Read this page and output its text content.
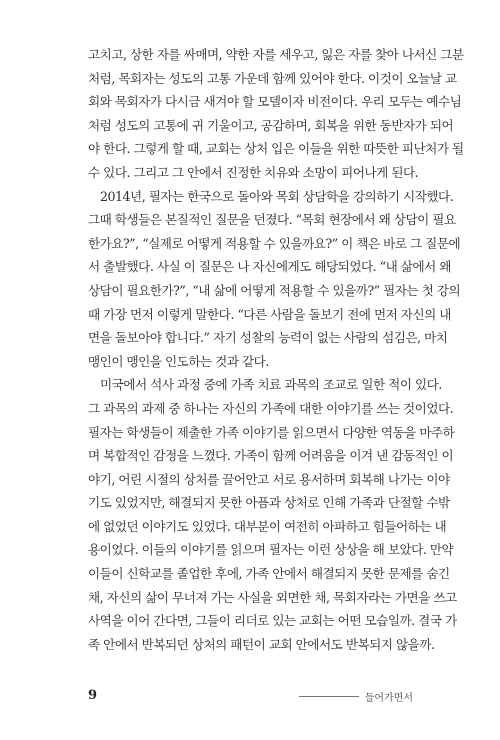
고치고, 상한 자를 싸매며, 약한 자를 세우고, 잃은 자를 찾아 나서신 그분
처럼, 목회자는 성도의 고통 가운데 함께 있어야 한다. 이것이 오늘날 교
회와 목회자가 다시금 새겨야 할 모델이자 비전이다. 우리 모두는 예수님
처럼 성도의 고통에 귀 기울이고, 공감하며, 회복을 위한 동반자가 되어
야 한다. 그렇게 할 때, 교회는 상처 입은 이들을 위한 따뜻한 피난처가 될
수 있다. 그리고 그 안에서 진정한 치유와 소망이 피어나게 된다.
2014년, 필자는 한국으로 돌아와 목회 상담학을 강의하기 시작했다.
그때 학생들은 본질적인 질문을 던졌다. “목회 현장에서 왜 상담이 필요
한가요?”, “실제로 어떻게 적용할 수 있을까요?” 이 책은 바로 그 질문에
서 출발했다. 사실 이 질문은 나 자신에게도 해당되었다. “내 삶에서 왜
상담이 필요한가?”, “내 삶에 어떻게 적용할 수 있을까?” 필자는 첫 강의
때 가장 먼저 이렇게 말한다. “다른 사람을 돌보기 전에 먼저 자신의 내
면을 돌보아야 합니다.” 자기 성찰의 능력이 없는 사람의 섬김은, 마치
맹인이 맹인을 인도하는 것과 같다.
미국에서 석사 과정 중에 가족 치료 과목의 조교로 일한 적이 있다.
그 과목의 과제 중 하나는 자신의 가족에 대한 이야기를 쓰는 것이었다.
필자는 학생들이 제출한 가족 이야기를 읽으면서 다양한 역동을 마주하
며 복합적인 감정을 느꼈다. 가족이 함께 어려움을 이겨 낸 감동적인 이
야기, 어린 시절의 상처를 끌어안고 서로 용서하며 회복해 나가는 이야
기도 있었지만, 해결되지 못한 아픔과 상처로 인해 가족과 단절할 수밖
에 없었던 이야기도 있었다. 대부분이 여전히 아파하고 힘들어하는 내
용이었다. 이들의 이야기를 읽으며 필자는 이런 상상을 해 보았다. 만약
이들이 신학교를 졸업한 후에, 가족 안에서 해결되지 못한 문제를 숨긴
채, 자신의 삶이 무너져 가는 사실을 외면한 채, 목회자라는 가면을 쓰고
사역을 이어 간다면, 그들이 리더로 있는 교회는 어떤 모습일까. 결국 가
족 안에서 반복되던 상처의 패턴이 교회 안에서도 반복되지 않을까.
9	들어가면서
